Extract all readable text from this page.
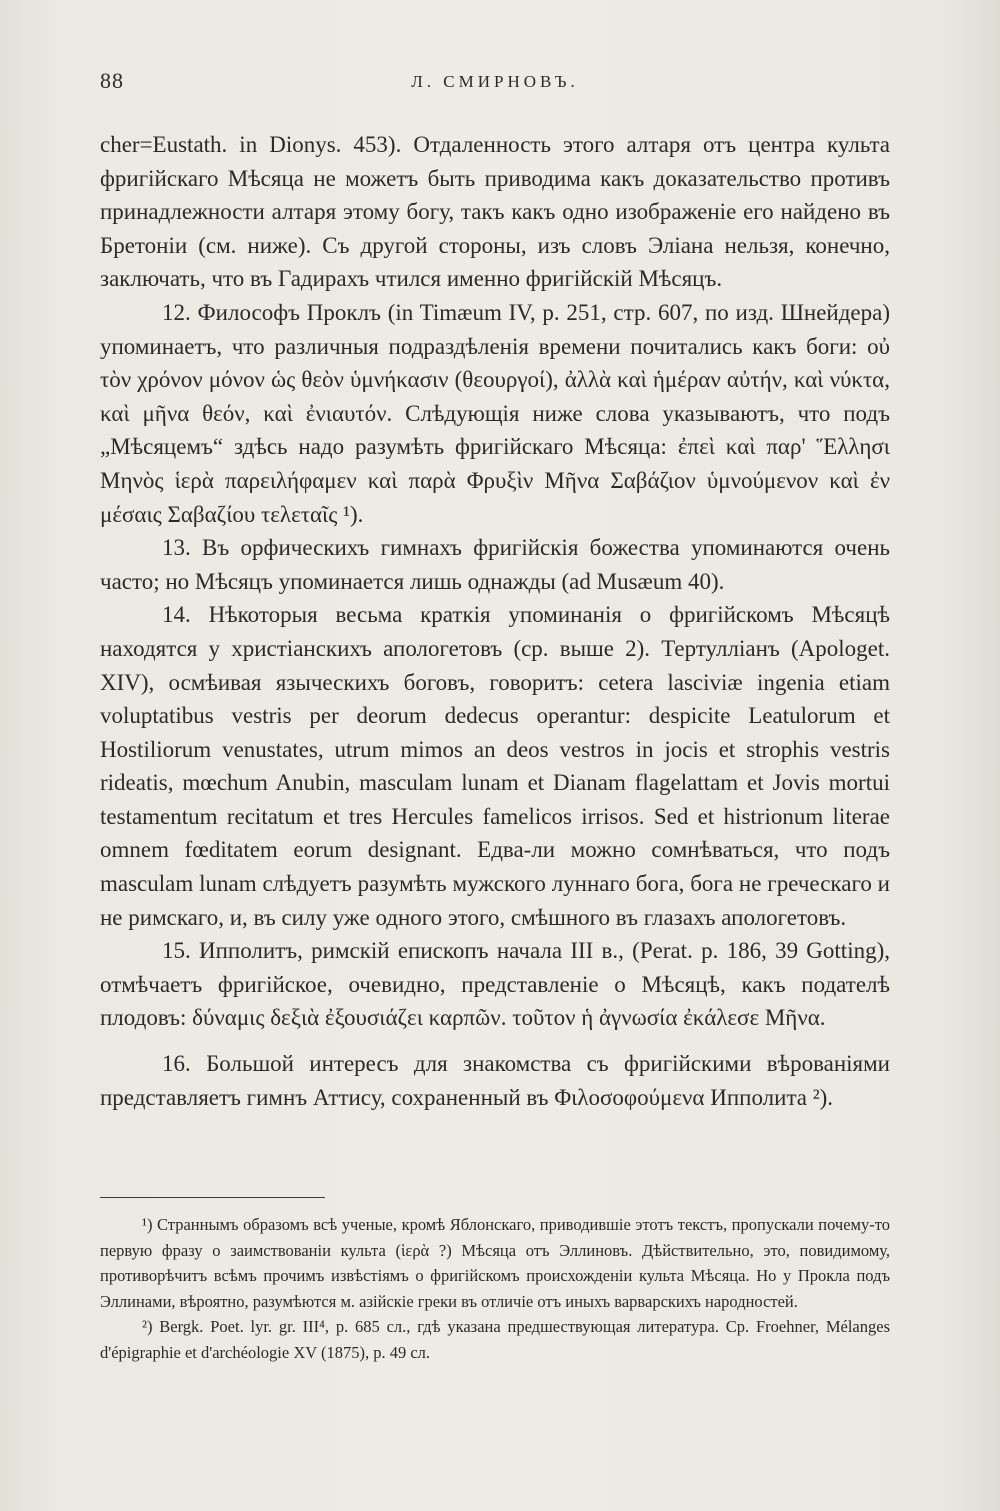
88	Л. СМИРНОВЪ.

cher=Eustath. in Dionys. 453). Отдаленность этого алтаря отъ центра культа фригійскаго Мѣсяца не можетъ быть приводима какъ доказательство противъ принадлежности алтаря этому богу, такъ какъ одно изображеніе его найдено въ Бретоніи (см. ниже). Съ другой стороны, изъ словъ Эліана нельзя, конечно, заключать, что въ Гадирахъ чтился именно фригійскій Мѣсяцъ.

12. Философъ Проклъ (in Timæum IV, p. 251, стр. 607, по изд. Шнейдера) упоминаетъ, что различныя подраздѣленія времени почитались какъ боги: οὐ τὸν χρόνον μόνον ὡς θεὸν ὑμνήκασιν (θεουργοί), ἀλλὰ καὶ ἡμέραν αὐτήν, καὶ νύκτα, καὶ μῆνα θεόν, καὶ ἐνιαυτόν. Слѣдующія ниже слова указываютъ, что подъ „Мѣсяцемъ“ здѣсь надо разумѣть фригійскаго Мѣсяца: ἐπεὶ καὶ παρ' Ἕλλησι Μηνὸς ἱερὰ παρειλήφαμεν καὶ παρὰ Φρυξὶν Μῆνα Σαβάζιον ὑμνούμενον καὶ ἐν μέσαις Σαβαζίου τελεταῖς ¹).

13. Въ орфическихъ гимнахъ фригійскія божества упоминаются очень часто; но Мѣсяцъ упоминается лишь однажды (ad Musæum 40).

14. Нѣкоторыя весьма краткія упоминанія о фригійскомъ Мѣсяцѣ находятся у христіанскихъ апологетовъ (ср. выше 2). Тертулліанъ (Apologet. XIV), осмѣивая языческихъ боговъ, говоритъ: cetera lasciviæ ingenia etiam voluptatibus vestris per deorum dedecus operantur: despicite Leatulorum et Hostiliorum venustates, utrum mimos an deos vestros in jocis et strophis vestris rideatis, mœchum Anubin, masculam lunam et Dianam flagelattam et Jovis mortui testamentum recitatum et tres Hercules famelicos irrisos. Sed et histrionum literae omnem fœditatem eorum designant. Едва-ли можно сомнѣваться, что подъ masculam lunam слѣдуетъ разумѣть мужского луннаго бога, бога не греческаго и не римскаго, и, въ силу уже одного этого, смѣшного въ глазахъ апологетовъ.

15. Ипполитъ, римскій епископъ начала III в., (Perat. p. 186, 39 Gotting), отмѣчаетъ фригійское, очевидно, представленіе о Мѣсяцѣ, какъ подателѣ плодовъ: δύναμις δεξιὰ ἐξουσιάζει καρπῶν. τοῦτον ἡ ἀγνωσία ἐκάλεσε Μῆνα.

16. Большой интересъ для знакомства съ фригійскими вѣрованіями представляетъ гимнъ Аттису, сохраненный въ Φιλοσοφούμενα Ипполита ²).

¹) Страннымъ образомъ всѣ ученые, кромѣ Яблонскаго, приводившіе этотъ текстъ, пропускали почему-то первую фразу о заимствованіи культа (ἱερὰ ?) Мѣсяца отъ Эллиновъ. Дѣйствительно, это, повидимому, противорѣчитъ всѣмъ прочимъ извѣстіямъ о фригійскомъ происхожденіи культа Мѣсяца. Но у Прокла подъ Эллинами, вѣроятно, разумѣются м. азійскіе греки въ отличіе отъ иныхъ варварскихъ народностей.

²) Bergk. Poet. lyr. gr. III⁴, p. 685 сл., гдѣ указана предшествующая литература. Ср. Froehner, Mélanges d'épigraphie et d'archéologie XV (1875), p. 49 сл.
